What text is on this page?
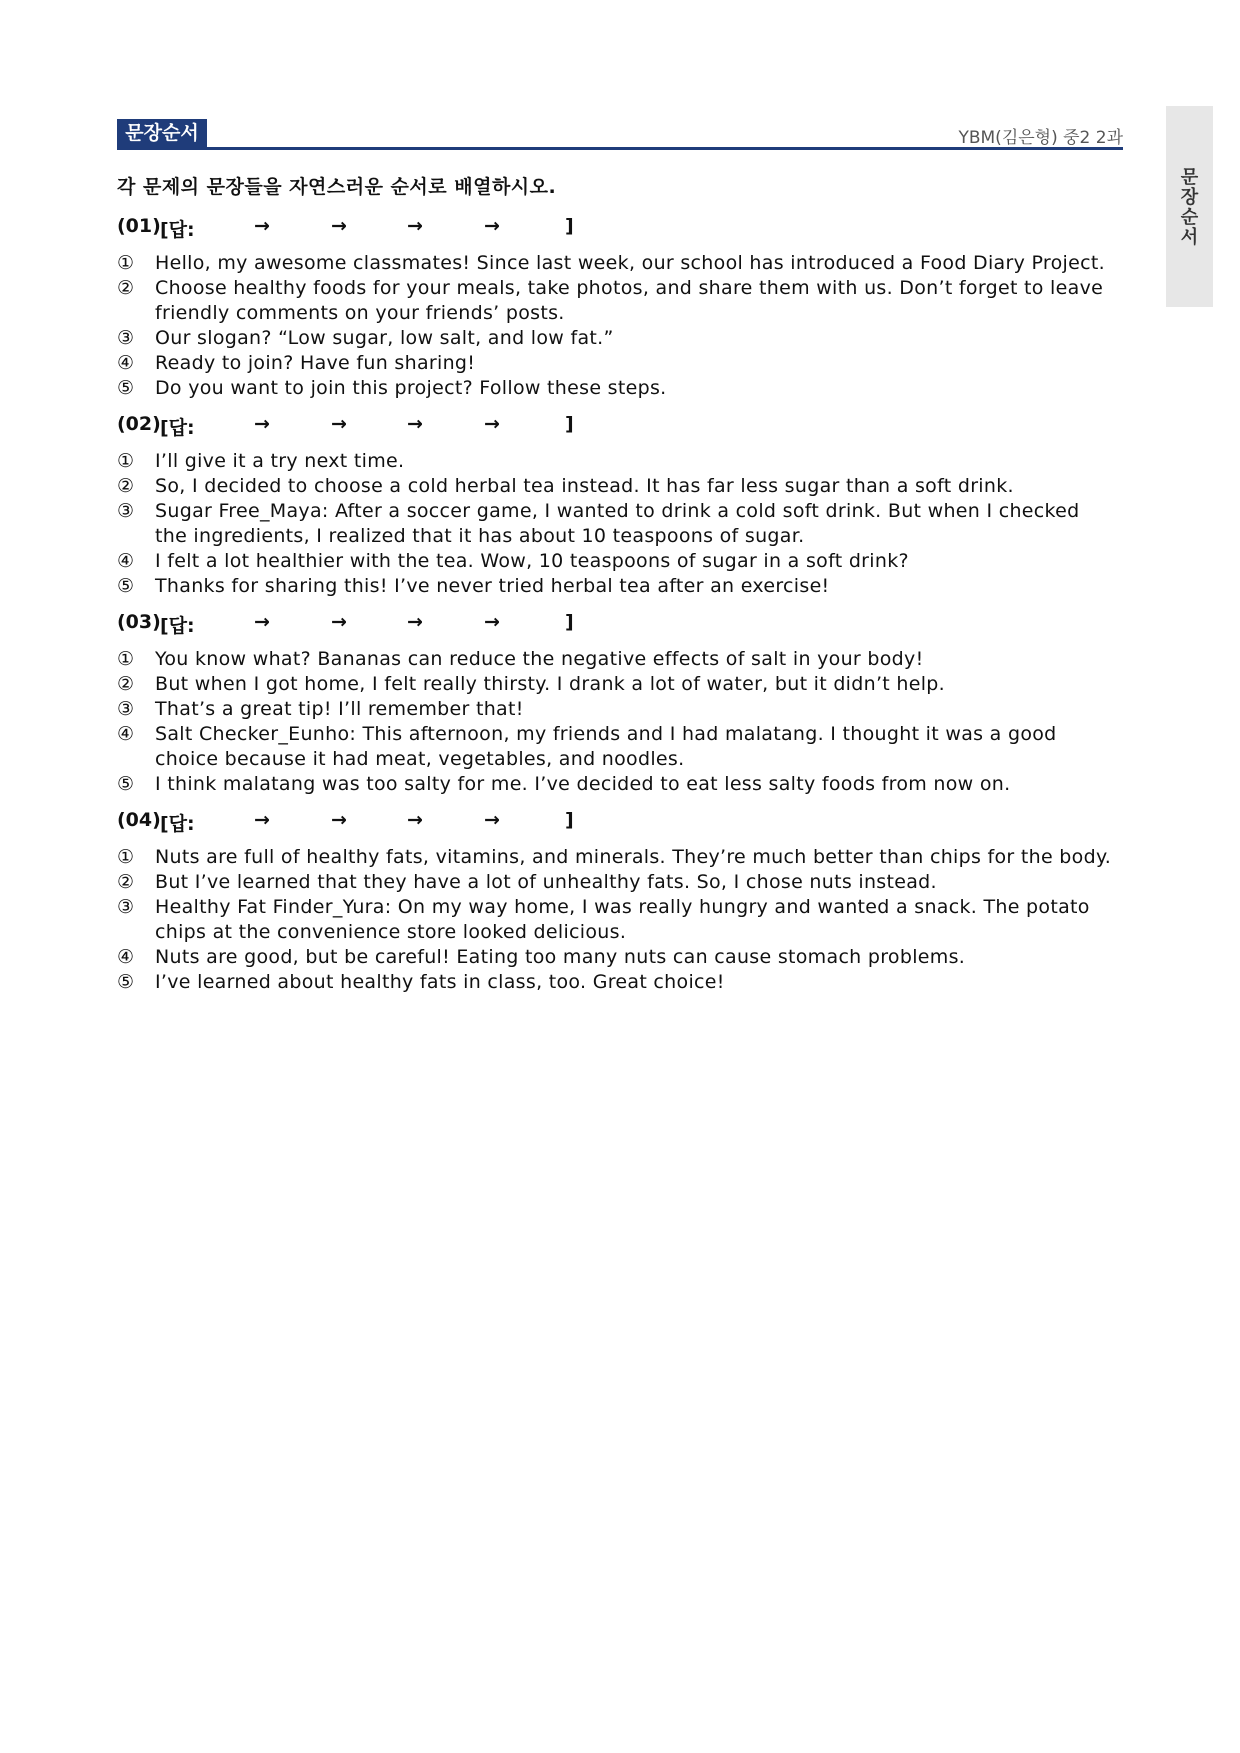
문장순서	YBM(김은형) 중2 2과
문
장
순
서
각 문제의 문장들을 자연스러운 순서로 배열하시오.
(01) [답:	→	→	→	→	]
①	Hello, my awesome classmates! Since last week, our school has introduced a Food Diary Project.
②	Choose healthy foods for your meals, take photos, and share them with us. Don’t forget to leave friendly comments on your friends’ posts.
③	Our slogan? “Low sugar, low salt, and low fat.”
④	Ready to join? Have fun sharing!
⑤	Do you want to join this project? Follow these steps.
(02) [답:	→	→	→	→	]
①	I’ll give it a try next time.
②	So, I decided to choose a cold herbal tea instead. It has far less sugar than a soft drink.
③	Sugar Free_Maya: After a soccer game, I wanted to drink a cold soft drink. But when I checked the ingredients, I realized that it has about 10 teaspoons of sugar.
④	I felt a lot healthier with the tea. Wow, 10 teaspoons of sugar in a soft drink?
⑤	Thanks for sharing this! I’ve never tried herbal tea after an exercise!
(03) [답:	→	→	→	→	]
①	You know what? Bananas can reduce the negative effects of salt in your body!
②	But when I got home, I felt really thirsty. I drank a lot of water, but it didn’t help.
③	That’s a great tip! I’ll remember that!
④	Salt Checker_Eunho: This afternoon, my friends and I had malatang. I thought it was a good choice because it had meat, vegetables, and noodles.
⑤	I think malatang was too salty for me. I’ve decided to eat less salty foods from now on.
(04) [답:	→	→	→	→	]
①	Nuts are full of healthy fats, vitamins, and minerals. They’re much better than chips for the body.
②	But I’ve learned that they have a lot of unhealthy fats. So, I chose nuts instead.
③	Healthy Fat Finder_Yura: On my way home, I was really hungry and wanted a snack. The potato chips at the convenience store looked delicious.
④	Nuts are good, but be careful! Eating too many nuts can cause stomach problems.
⑤	I’ve learned about healthy fats in class, too. Great choice!
